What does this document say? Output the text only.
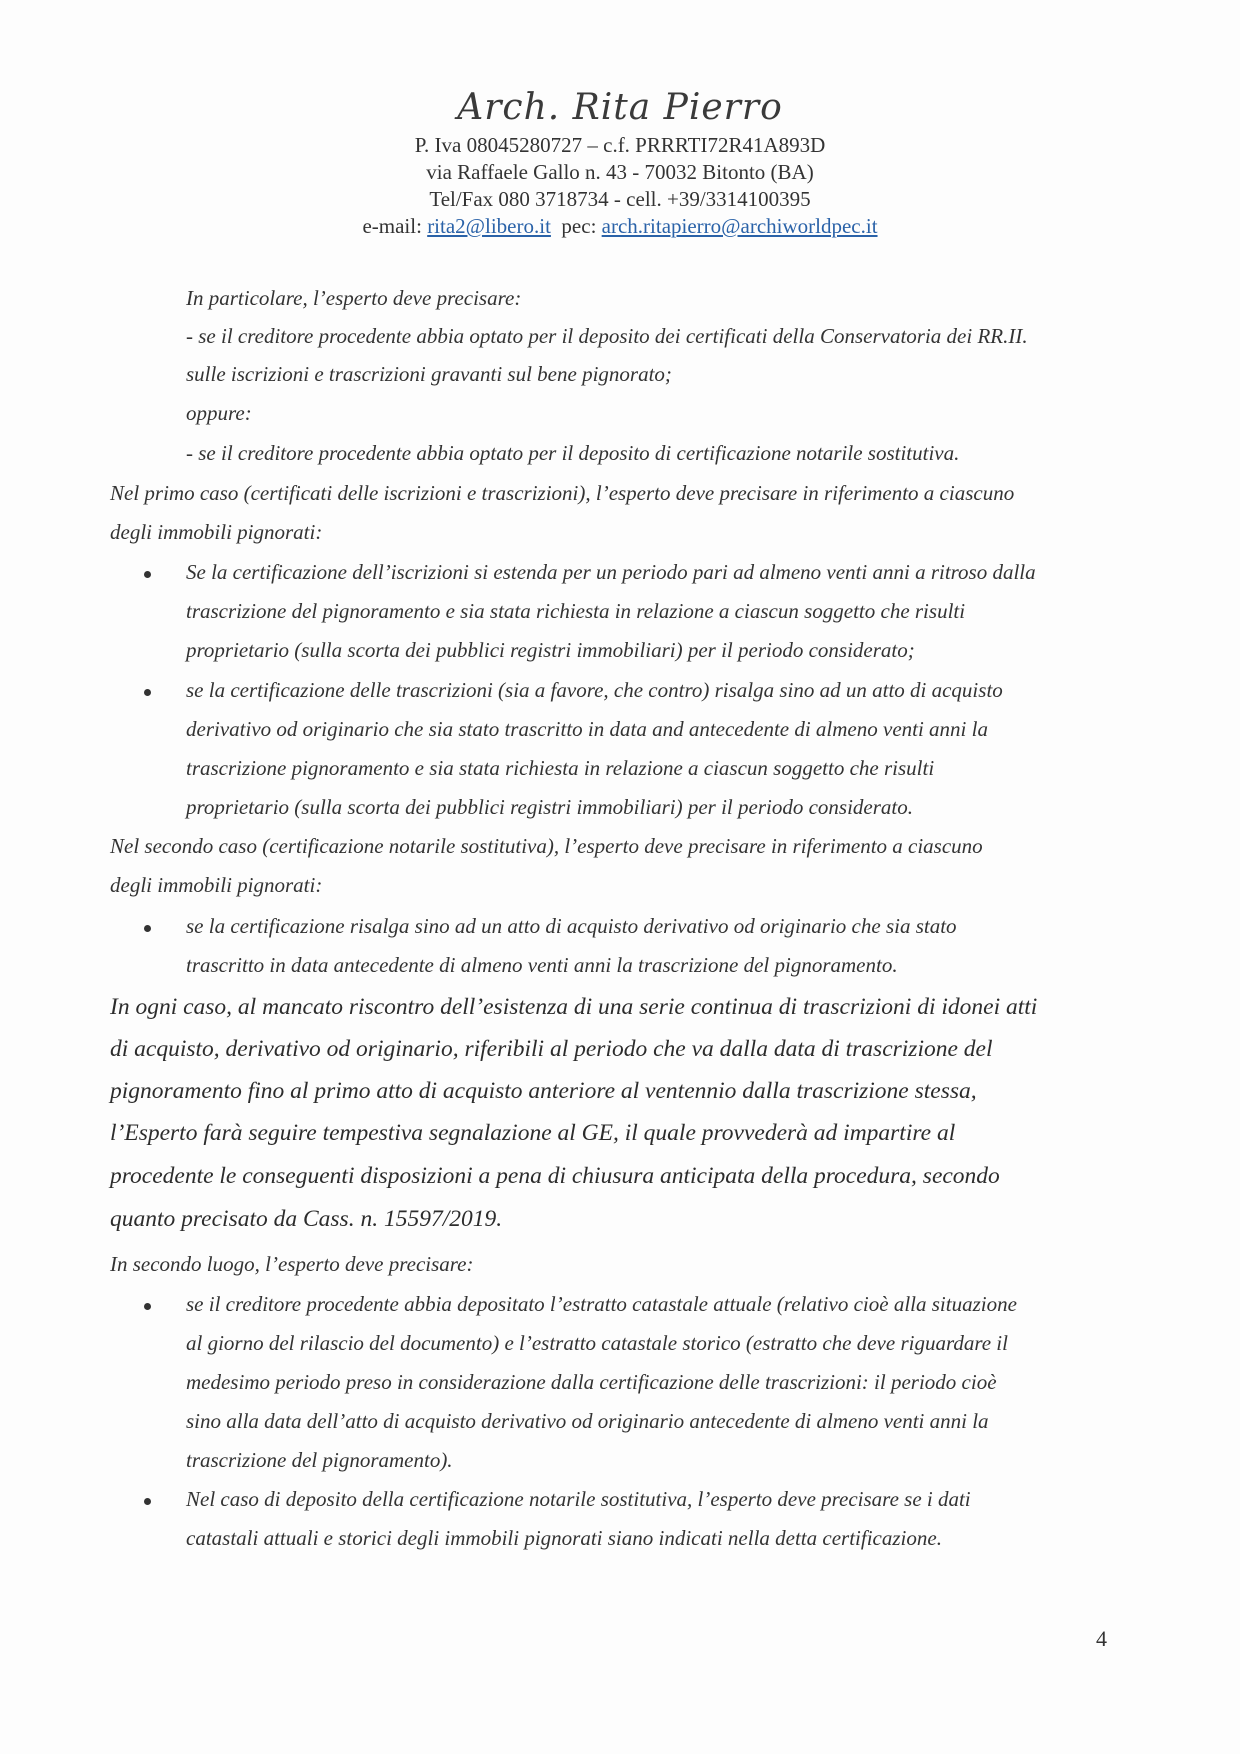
Arch. Rita Pierro
P. Iva 08045280727 – c.f. PRRRTI72R41A893D
via Raffaele Gallo n. 43 - 70032 Bitonto (BA)
Tel/Fax 080 3718734 - cell. +39/3314100395
e-mail: rita2@libero.it pec: arch.ritapierro@archiworldpec.it
In particolare, l’esperto deve precisare:
- se il creditore procedente abbia optato per il deposito dei certificati della Conservatoria dei RR.II.
sulle iscrizioni e trascrizioni gravanti sul bene pignorato;
oppure:
- se il creditore procedente abbia optato per il deposito di certificazione notarile sostitutiva.
Nel primo caso (certificati delle iscrizioni e trascrizioni), l’esperto deve precisare in riferimento a ciascuno
degli immobili pignorati:
Se la certificazione dell’iscrizioni si estenda per un periodo pari ad almeno venti anni a ritroso dalla
trascrizione del pignoramento e sia stata richiesta in relazione a ciascun soggetto che risulti
proprietario (sulla scorta dei pubblici registri immobiliari) per il periodo considerato;
se la certificazione delle trascrizioni (sia a favore, che contro) risalga sino ad un atto di acquisto
derivativo od originario che sia stato trascritto in data and antecedente di almeno venti anni la
trascrizione pignoramento e sia stata richiesta in relazione a ciascun soggetto che risulti
proprietario (sulla scorta dei pubblici registri immobiliari) per il periodo considerato.
Nel secondo caso (certificazione notarile sostitutiva), l’esperto deve precisare in riferimento a ciascuno
degli immobili pignorati:
se la certificazione risalga sino ad un atto di acquisto derivativo od originario che sia stato
trascritto in data antecedente di almeno venti anni la trascrizione del pignoramento.
In ogni caso, al mancato riscontro dell’esistenza di una serie continua di trascrizioni di idonei atti
di acquisto, derivativo od originario, riferibili al periodo che va dalla data di trascrizione del
pignoramento fino al primo atto di acquisto anteriore al ventennio dalla trascrizione stessa,
l’Esperto farà seguire tempestiva segnalazione al GE, il quale provvederà ad impartire al
procedente le conseguenti disposizioni a pena di chiusura anticipata della procedura, secondo
quanto precisato da Cass. n. 15597/2019.
In secondo luogo, l’esperto deve precisare:
se il creditore procedente abbia depositato l’estratto catastale attuale (relativo cioè alla situazione
al giorno del rilascio del documento) e l’estratto catastale storico (estratto che deve riguardare il
medesimo periodo preso in considerazione dalla certificazione delle trascrizioni: il periodo cioè
sino alla data dell’atto di acquisto derivativo od originario antecedente di almeno venti anni la
trascrizione del pignoramento).
Nel caso di deposito della certificazione notarile sostitutiva, l’esperto deve precisare se i dati
catastali attuali e storici degli immobili pignorati siano indicati nella detta certificazione.
4
